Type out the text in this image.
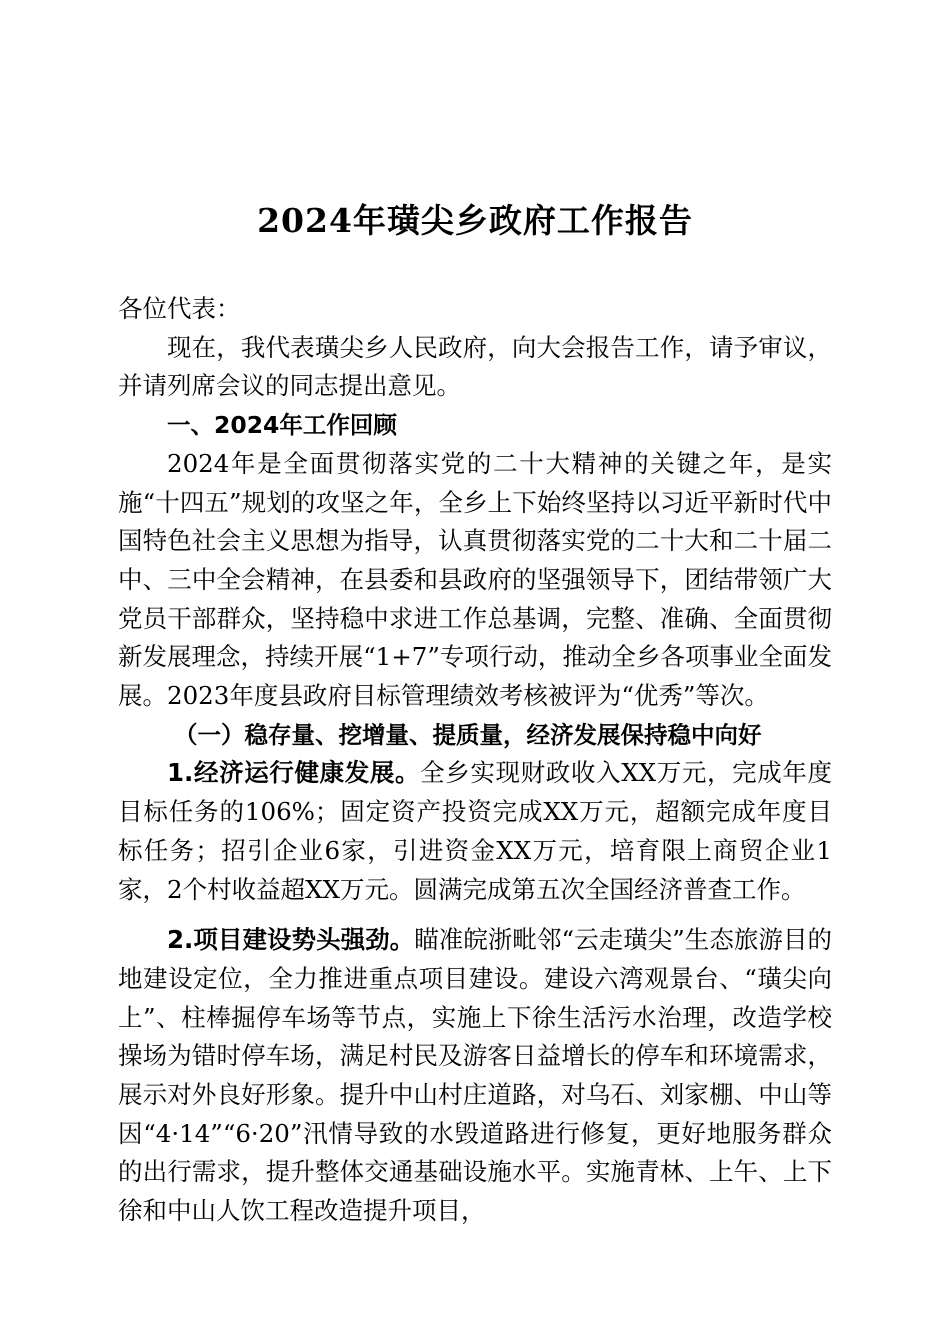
2024年璜尖乡政府工作报告

各位代表：

现在，我代表璜尖乡人民政府，向大会报告工作，请予审议，并请列席会议的同志提出意见。

一、2024年工作回顾

2024年是全面贯彻落实党的二十大精神的关键之年，是实施“十四五”规划的攻坚之年，全乡上下始终坚持以习近平新时代中国特色社会主义思想为指导，认真贯彻落实党的二十大和二十届二中、三中全会精神，在县委和县政府的坚强领导下，团结带领广大党员干部群众，坚持稳中求进工作总基调，完整、准确、全面贯彻新发展理念，持续开展“1+7”专项行动，推动全乡各项事业全面发展。2023年度县政府目标管理绩效考核被评为“优秀”等次。

（一）稳存量、挖增量、提质量，经济发展保持稳中向好

1.经济运行健康发展。全乡实现财政收入XX万元，完成年度目标任务的106%；固定资产投资完成XX万元，超额完成年度目标任务；招引企业6家，引进资金XX万元，培育限上商贸企业1家，2个村收益超XX万元。圆满完成第五次全国经济普查工作。

2.项目建设势头强劲。瞄准皖浙毗邻“云走璜尖”生态旅游目的地建设定位，全力推进重点项目建设。建设六湾观景台、“璜尖向上”、柱棒掘停车场等节点，实施上下徐生活污水治理，改造学校操场为错时停车场，满足村民及游客日益增长的停车和环境需求，展示对外良好形象。提升中山村庄道路，对乌石、刘家棚、中山等因“4·14”“6·20”汛情导致的水毁道路进行修复，更好地服务群众的出行需求，提升整体交通基础设施水平。实施青林、上午、上下徐和中山人饮工程改造提升项目，
